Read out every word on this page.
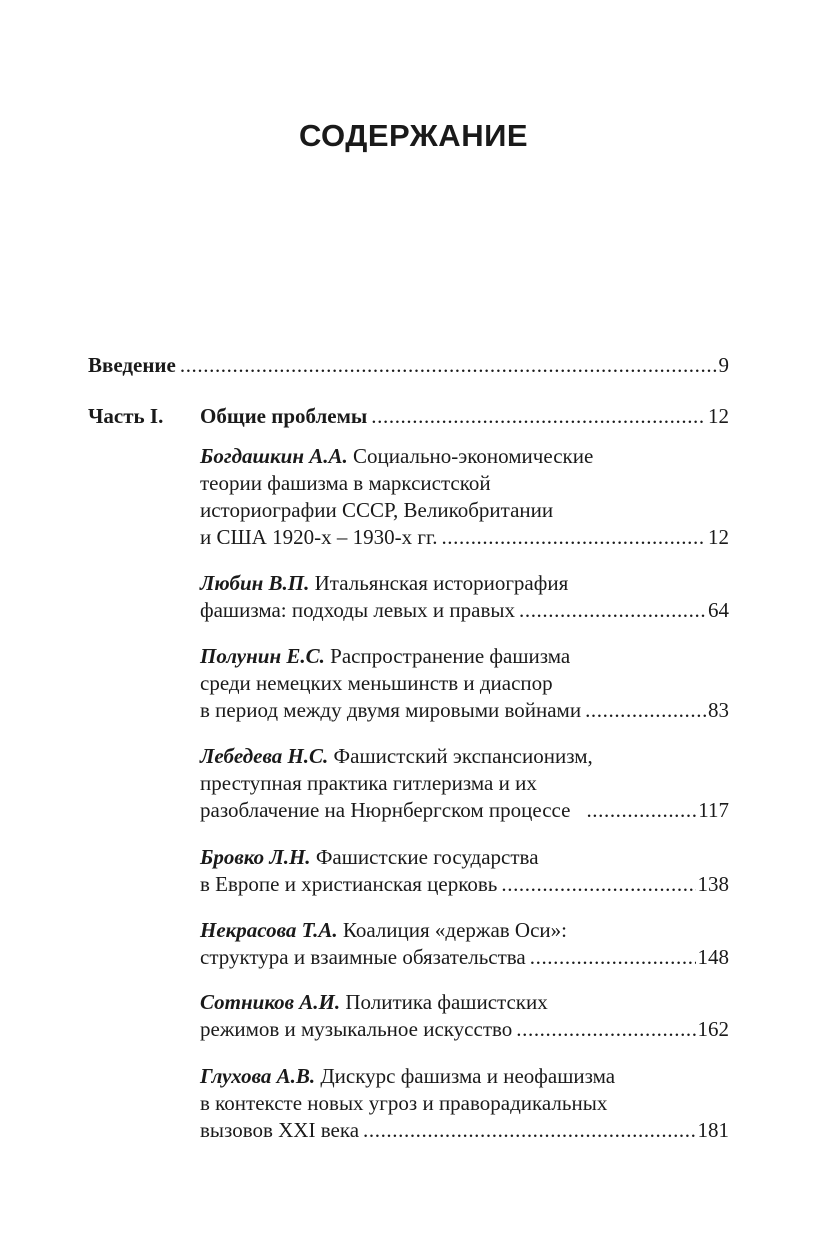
СОДЕРЖАНИЕ
Введение .....	9
Часть I. Общие проблемы .....	12
Богдашкин А.А.
Социально-экономические
теории фашизма в марксистской
историографии СССР, Великобритании
и США 1920-х – 1930-х гг. .....	12
Любин В.П.
Итальянская историография
фашизма: подходы левых и правых .....	64
Полунин Е.С.
Распространение фашизма
среди немецких меньшинств и диаспор
в период между двумя мировыми войнами .....	83
Лебедева Н.С.
Фашистский экспансионизм,
преступная практика гитлеризма и их
разоблачение на Нюрнбергском процессе .....	117
Бровко Л.Н.
Фашистские государства
в Европе и христианская церковь .....	138
Некрасова Т.А.
Коалиция «держав Оси»:
структура и взаимные обязательства .....	148
Сотников А.И.
Политика фашистских
режимов и музыкальное искусство .....	162
Глухова А.В.
Дискурс фашизма и неофашизма
в контексте новых угроз и праворадикальных
вызовов XXI века .....	181
